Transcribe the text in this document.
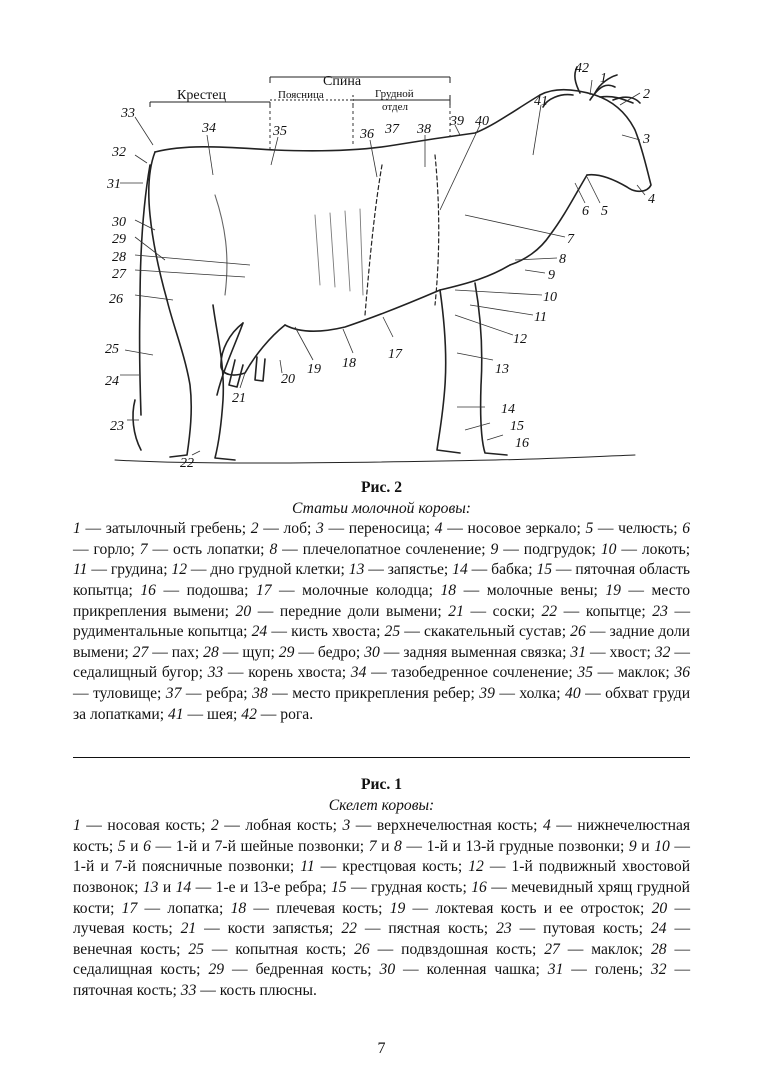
Спина
Крестец	Поясница	Грудной
отдел
42
1
2
3
4
5
6
7
8
9
10
11
12
13
14
15
16
17
18
19
20
21
22
23
24
25
26
27
28
29
30
31
32
33
34	35	36 37 38
39 40
41

Рис. 2

Статьи молочной коровы:

1 — затылочный гребень; 2 — лоб; 3 — переносица; 4 — носовое зеркало; 5 — челюсть; 6 — горло; 7 — ость лопатки; 8 — плечелопатное сочленение; 9 — подгрудок; 10 — локоть; 11 — грудина; 12 — дно грудной клетки; 13 — запястье; 14 — бабка; 15 — пяточная область копытца; 16 — подошва; 17 — молочные колодца; 18 — молочные вены; 19 — место прикрепления вымени; 20 — передние доли вымени; 21 — соски; 22 — копытце; 23 — рудиментальные копытца; 24 — кисть хвоста; 25 — скакательный сустав; 26 — задние доли вымени; 27 — пах; 28 — щуп; 29 — бедро; 30 — задняя выменная связка; 31 — хвост; 32 — седалищный бугор; 33 — корень хвоста; 34 — тазобедренное сочленение; 35 — маклок; 36 — туловище; 37 — ребра; 38 — место прикрепления ребер; 39 — холка; 40 — обхват груди за лопатками; 41 — шея; 42 — рога.

Рис. 1

Скелет коровы:

1 — носовая кость; 2 — лобная кость; 3 — верхнечелюстная кость; 4 — нижнечелюстная кость; 5 и 6 — 1-й и 7-й шейные позвонки; 7 и 8 — 1-й и 13-й грудные позвонки; 9 и 10 — 1-й и 7-й поясничные позвонки; 11 — крестцовая кость; 12 — 1-й подвижный хвостовой позвонок; 13 и 14 — 1-е и 13-е ребра; 15 — грудная кость; 16 — мечевидный хрящ грудной кости; 17 — лопатка; 18 — плечевая кость; 19 — локтевая кость и ее отросток; 20 — лучевая кость; 21 — кости запястья; 22 — пястная кость; 23 — путовая кость; 24 — венечная кость; 25 — копытная кость; 26 — подвздошная кость; 27 — маклок; 28 — седалищная кость; 29 — бедренная кость; 30 — коленная чашка; 31 — голень; 32 — пяточная кость; 33 — кость плюсны.

7
